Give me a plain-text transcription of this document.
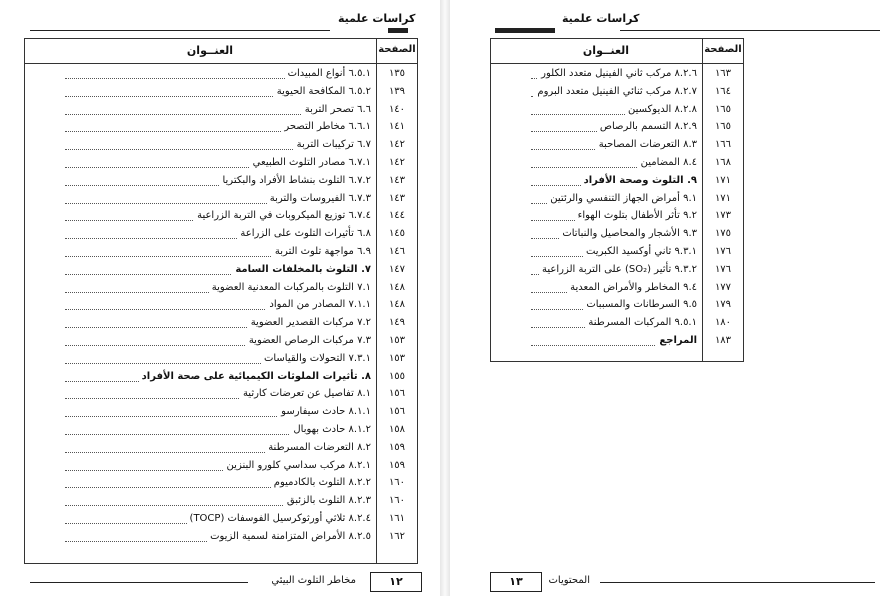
كراسات علمية
العنــوان	الصفحة
٦.٥.١ أنواع المبيدات	١٣٥
٦.٥.٢ المكافحة الحيوية	١٣٩
٦.٦ تصحر التربة	١٤٠
٦.٦.١ مخاطر التصحر	١٤١
٦.٧ تركيبات التربة	١٤٢
٦.٧.١ مصادر التلوث الطبيعي	١٤٢
٦.٧.٢ التلوث بنشاط الأفراد والبكتريا	١٤٣
٦.٧.٣ الفيروسات والتربة	١٤٣
٦.٧.٤ توزيع الميكروبات في التربة الزراعية	١٤٤
٦.٨ تأثيرات التلوث على الزراعة	١٤٥
٦.٩ مواجهة تلوث التربة	١٤٦
٧. التلوث بالمخلفات السامة	١٤٧
٧.١ التلوث بالمركبات المعدنية العضوية	١٤٨
٧.١.١ المصادر من المواد	١٤٨
٧.٢ مركبات القصدير العضوية	١٤٩
٧.٣ مركبات الرصاص العضوية	١٥٣
٧.٣.١ التحولات والقياسات	١٥٣
٨. تأثيرات الملوثات الكيميائية على صحة الأفراد	١٥٥
٨.١ تفاصيل عن تعرضات كارثية	١٥٦
٨.١.١ حادث سيفارسو	١٥٦
٨.١.٢ حادث بهوبال	١٥٨
٨.٢ التعرضات المسرطنة	١٥٩
٨.٢.١ مركب سداسي كلورو البنزين	١٥٩
٨.٢.٢ التلوث بالكادميوم	١٦٠
٨.٢.٣ التلوث بالزئبق	١٦٠
٨.٢.٤ ثلاثي أورثوكرسيل الفوسفات (TOCP)	١٦١
٨.٢.٥ الأمراض المتزامنة لسمية الزيوت	١٦٢
مخاطر التلوث البيئي	١٢
كراسات علمية
العنــوان	الصفحة
٨.٢.٦ مركب ثاني الفينيل متعدد الكلور	١٦٣
٨.٢.٧ مركب ثنائي الفينيل متعدد البروم	١٦٤
٨.٢.٨ الديوكسين	١٦٥
٨.٢.٩ التسمم بالرصاص	١٦٥
٨.٣ التعرضات المصاحبة	١٦٦
٨.٤ المضامين	١٦٨
٩. التلوث وصحة الأفراد	١٧١
٩.١ أمراض الجهاز التنفسي والرئتين	١٧١
٩.٢ تأثر الأطفال بتلوث الهواء	١٧٣
٩.٣ الأشجار والمحاصيل والنباتات	١٧٥
٩.٣.١ ثاني أوكسيد الكبريت	١٧٦
٩.٣.٢ تأثير (SO₂) على التربة الزراعية	١٧٦
٩.٤ المخاطر والأمراض المعدية	١٧٧
٩.٥ السرطانات والمسببات	١٧٩
٩.٥.١ المركبات المسرطنة	١٨٠
المراجع	١٨٣
١٣	المحتويات
